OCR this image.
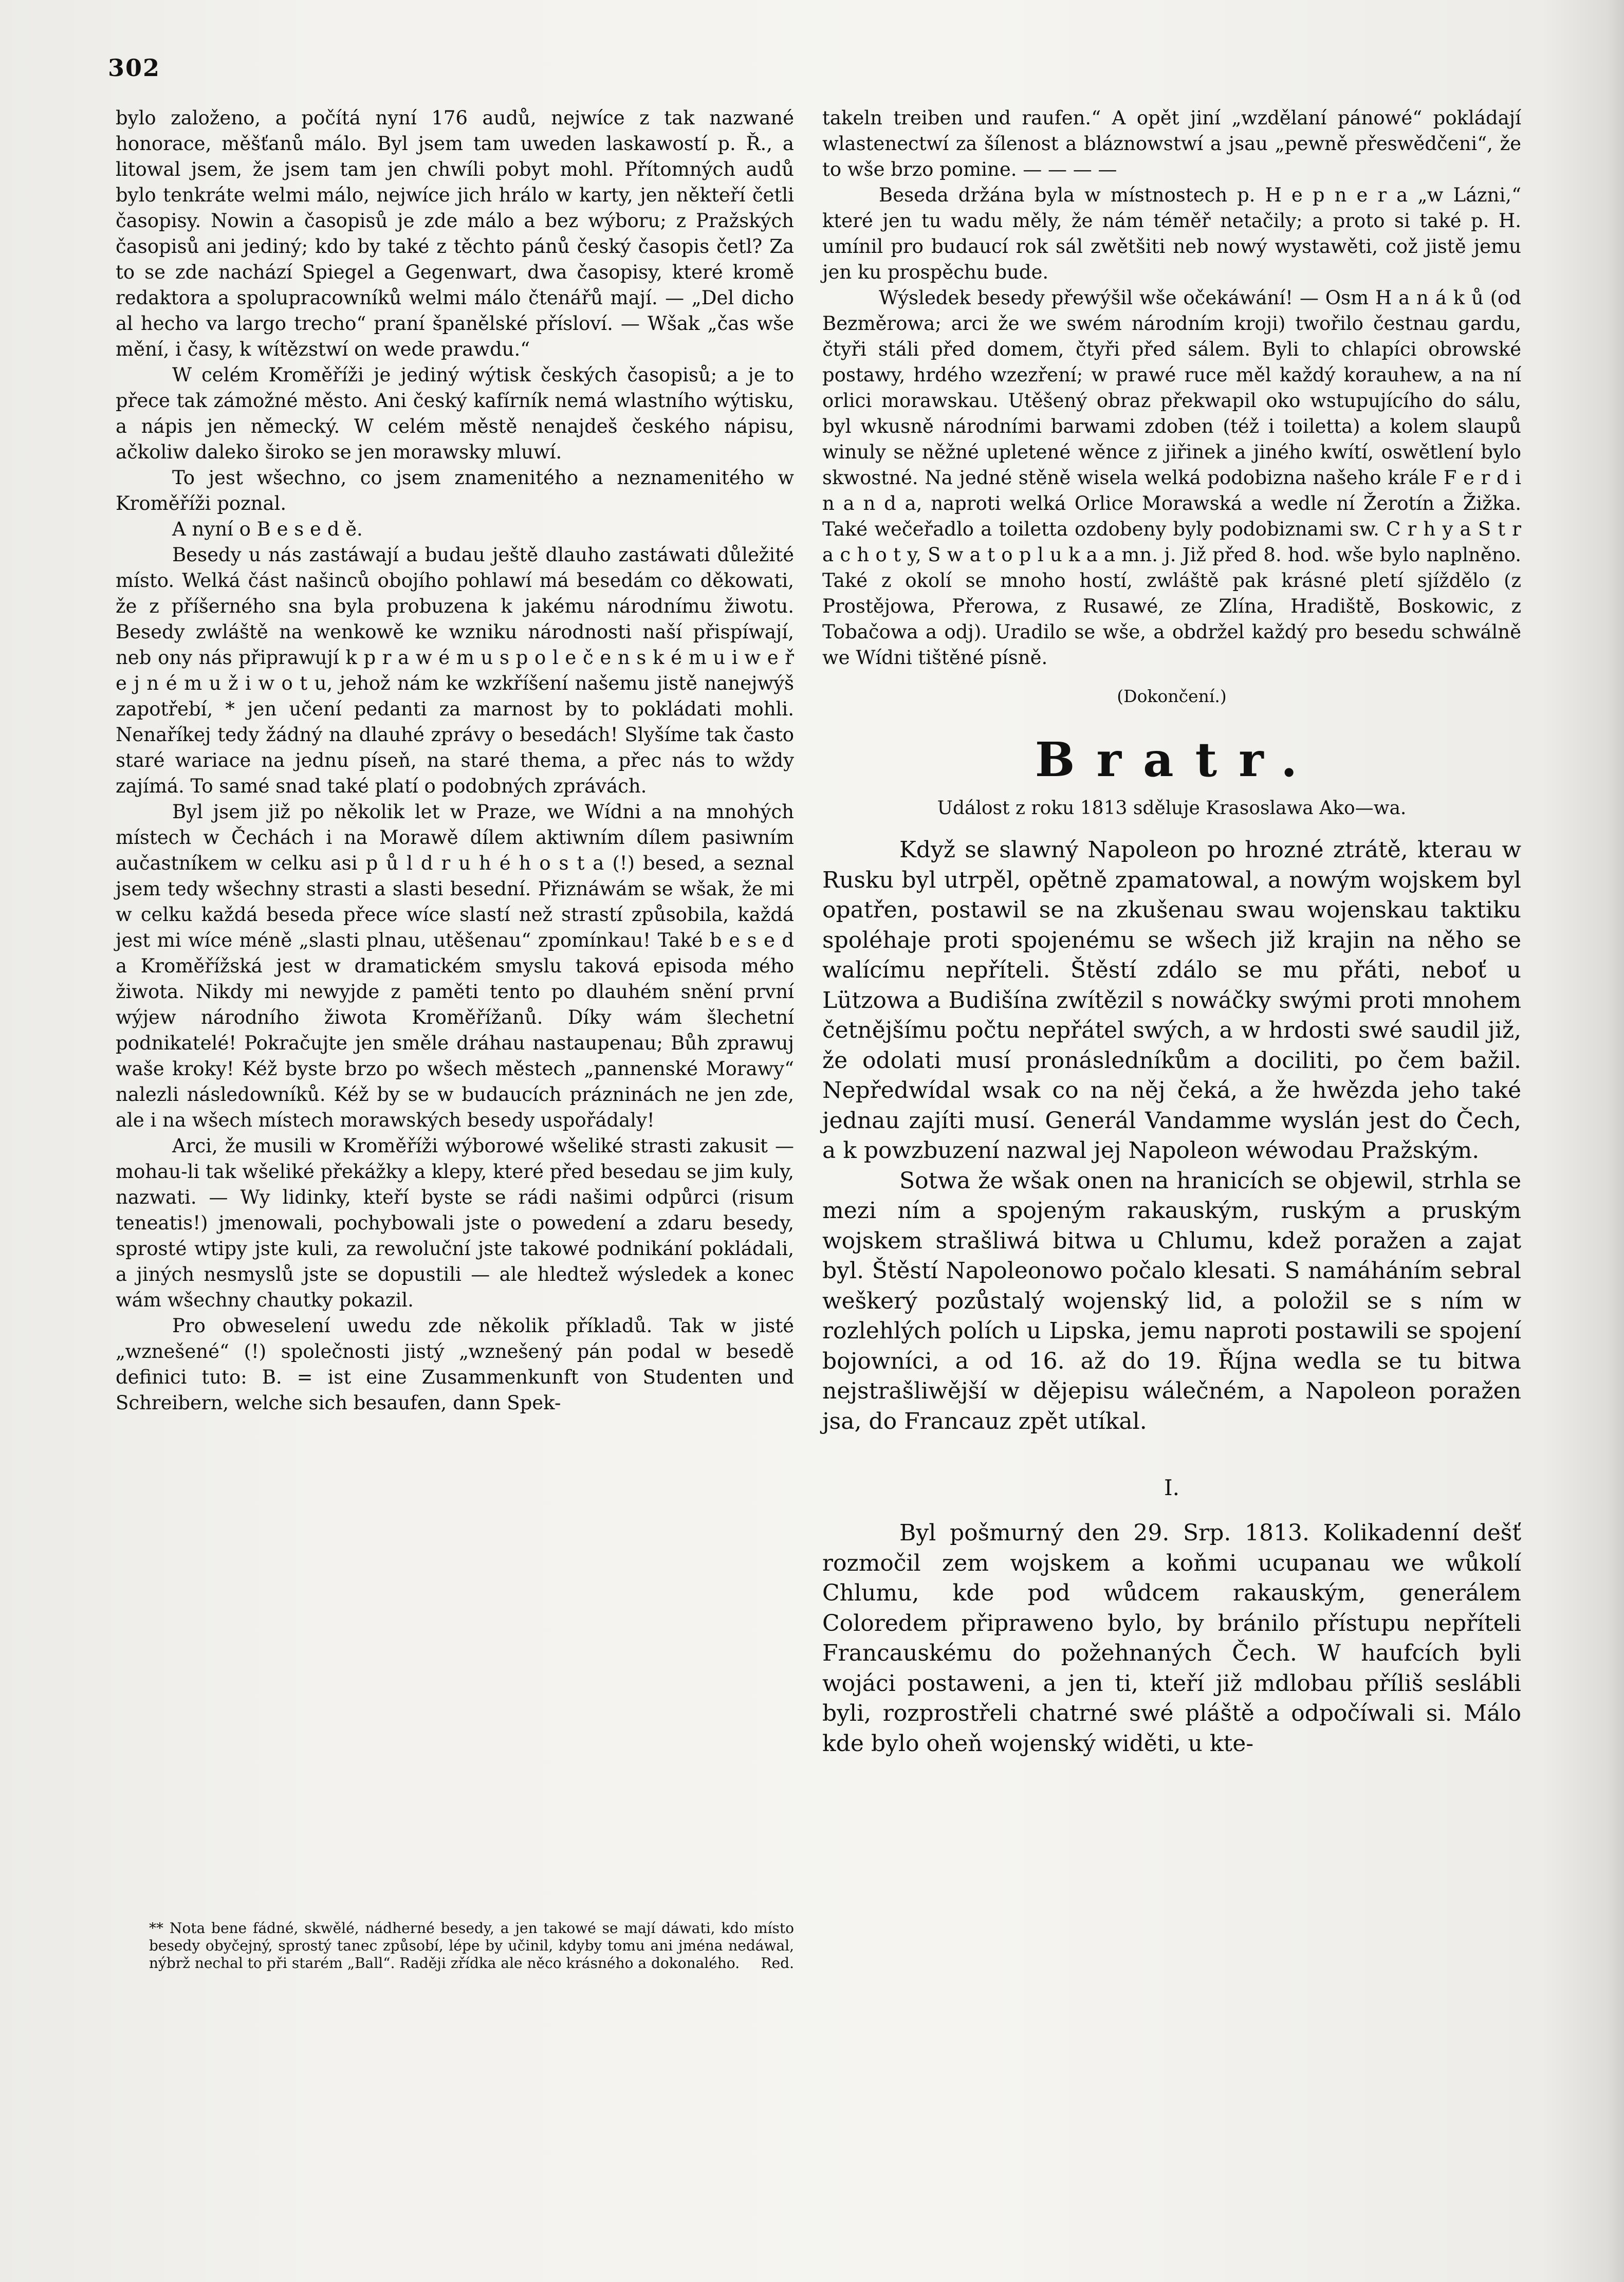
302

bylo založeno, a počítá nyní 176 audů, nejwíce z tak nazwané honorace, měšťanů málo. Byl jsem tam uweden laskawostí p. Ř., a litowal jsem, že jsem tam jen chwíli pobyt mohl. Přítomných audů bylo tenkráte welmi málo, nejwíce jich hrálo w karty, jen někteří četli časopisy. Nowin a časopisů je zde málo a bez wýboru; z Pražských časopisů ani jediný; kdo by také z těchto pánů český časopis četl? Za to se zde nachází Spiegel a Gegenwart, dwa časopisy, které kromě redaktora a spolupracowníků welmi málo čtenářů mají. — „Del dicho al hecho va largo trecho“ praní španělské přísloví. — Wšak „čas wše mění, i časy, k wítězstwí on wede prawdu.“

W celém Kroměříži je jediný wýtisk českých časopisů; a je to přece tak zámožné město. Ani český kafírník nemá wlastního wýtisku, a nápis jen německý. W celém městě nenajdeš českého nápisu, ačkoliw daleko široko se jen morawsky mluwí.

To jest wšechno, co jsem znamenitého a neznamenitého w Kroměříži poznal.

A nyní o B e s e d ě.

Besedy u nás zastáwají a budau ještě dlauho zastáwati důležité místo. Welká část našinců obojího pohlawí má besedám co děkowati, že z příšerného sna byla probuzena k jakému národnímu žiwotu. Besedy zwláště na wenkowě ke wzniku národnosti naší přispíwají, neb ony nás připrawují k p r a w é m u s p o l e č e n s k é m u i w e ř e j n é m u ž i w o t u, jehož nám ke wzkříšení našemu jistě nanejwýš zapotřebí, * jen učení pedanti za marnost by to pokládati mohli. Nenaříkej tedy žádný na dlauhé zprávy o besedách! Slyšíme tak často staré wariace na jednu píseň, na staré thema, a přec nás to wždy zajímá. To samé snad také platí o podobných zprávách.

Byl jsem již po několik let w Praze, we Wídni a na mnohých místech w Čechách i na Morawě dílem aktiwním dílem pasiwním aučastníkem w celku asi p ů l d r u h é h o s t a (!) besed, a seznal jsem tedy wšechny strasti a slasti besední. Přiznáwám se wšak, že mi w celku každá beseda přece wíce slastí než strastí způsobila, každá jest mi wíce méně „slasti plnau, utěšenau“ zpomínkau! Také b e s e d a Kroměřížská jest w dramatickém smyslu taková episoda mého žiwota. Nikdy mi newyjde z paměti tento po dlauhém snění první wýjew národního žiwota Kroměřížanů. Díky wám šlechetní podnikatelé! Pokračujte jen směle dráhau nastaupenau; Bůh zprawuj waše kroky! Kéž byste brzo po wšech městech „pannenské Morawy“ nalezli následowníků. Kéž by se w budaucích prázninách ne jen zde, ale i na wšech místech morawských besedy uspořádaly!

Arci, že musili w Kroměříži wýborowé wšeliké strasti zakusit — mohau-li tak wšeliké překážky a klepy, které před besedau se jim kuly, nazwati. — Wy lidinky, kteří byste se rádi našimi odpůrci (risum teneatis!) jmenowali, pochybowali jste o powedení a zdaru besedy, sprosté wtipy jste kuli, za rewoluční jste takowé podnikání pokládali, a jiných nesmyslů jste se dopustili — ale hledtež wýsledek a konec wám wšechny chautky pokazil.

Pro obweselení uwedu zde několik příkladů. Tak w jisté „wznešené“ (!) společnosti jistý „wznešený pán podal w besedě definici tuto: B. = ist eine Zusammenkunft von Studenten und Schreibern, welche sich besaufen, dann Spek-

** Nota bene fádné, skwělé, nádherné besedy, a jen takowé se mají dáwati, kdo místo besedy obyčejný, sprostý tanec způsobí, lépe by učinil, kdyby tomu ani jména nedáwal, nýbrž nechal to při starém „Ball“. Raději zřídka ale něco krásného a dokonalého.	Red.

takeln treiben und raufen.“ A opět jiní „wzdělaní pánowé“ pokládají wlastenectwí za šílenost a bláznowstwí a jsau „pewně přeswědčeni“, že to wše brzo pomine. — — — —

Beseda držána byla w místnostech p. H e p n e r a „w Lázni,“ které jen tu wadu měly, že nám téměř netačily; a proto si také p. H. umínil pro budaucí rok sál zwětšiti neb nowý wystawěti, což jistě jemu jen ku prospěchu bude.

Wýsledek besedy přewýšil wše očekáwání! — Osm H a n á k ů (od Bezměrowa; arci že we swém národním kroji) twořilo čestnau gardu, čtyři stáli před domem, čtyři před sálem. Byli to chlapíci obrowské postawy, hrdého wzezření; w prawé ruce měl každý korauhew, a na ní orlici morawskau. Utěšený obraz překwapil oko wstupujícího do sálu, byl wkusně národními barwami zdoben (též i toiletta) a kolem slaupů winuly se něžné upletené wěnce z jiřinek a jiného kwítí, oswětlení bylo skwostné. Na jedné stěně wisela welká podobizna našeho krále F e r d i n a n d a, naproti welká Orlice Morawská a wedle ní Žerotín a Žižka. Také wečeřadlo a toiletta ozdobeny byly podobiznami sw. C r h y a S t r a c h o t y, S w a t o p l u k a a mn. j. Již před 8. hod. wše bylo naplněno. Také z okolí se mnoho hostí, zwláště pak krásné pletí sjíždělo (z Prostějowa, Přerowa, z Rusawé, ze Zlína, Hradiště, Boskowic, z Tobačowa a odj). Uradilo se wše, a obdržel každý pro besedu schwálně we Wídni tištěné písně.

(Dokončení.)
Bratr.
Událost z roku 1813 sděluje Krasoslawa Ako—wa.

Když se slawný Napoleon po hrozné ztrátě, kterau w Rusku byl utrpěl, opětně zpamatowal, a nowým wojskem byl opatřen, postawil se na zkušenau swau wojenskau taktiku spoléhaje proti spojenému se wšech již krajin na něho se walícímu nepříteli. Štěstí zdálo se mu přáti, neboť u Lützowa a Budišína zwítězil s nowáčky swými proti mnohem četnějšímu počtu nepřátel swých, a w hrdosti swé saudil již, že odolati musí pronásledníkům a dociliti, po čem bažil. Nepředwídal wsak co na něj čeká, a že hwězda jeho také jednau zajíti musí. Generál Vandamme wyslán jest do Čech, a k powzbuzení nazwal jej Napoleon wéwodau Pražským.

Sotwa že wšak onen na hranicích se objewil, strhla se mezi ním a spojeným rakauským, ruským a pruským wojskem strašliwá bitwa u Chlumu, kdež poražen a zajat byl. Štěstí Napoleonowo počalo klesati. S namáháním sebral weškerý pozůstalý wojenský lid, a položil se s ním w rozlehlých polích u Lipska, jemu naproti postawili se spojení bojowníci, a od 16. až do 19. Října wedla se tu bitwa nejstrašliwější w dějepisu wálečném, a Napoleon poražen jsa, do Francauz zpět utíkal.

I.

Byl pošmurný den 29. Srp. 1813. Kolikadenní dešť rozmočil zem wojskem a koňmi ucupanau we wůkolí Chlumu, kde pod wůdcem rakauským, generálem Coloredem připraweno bylo, by bránilo přístupu nepříteli Francauskému do požehnaných Čech. W haufcích byli wojáci postaweni, a jen ti, kteří již mdlobau příliš seslábli byli, rozprostřeli chatrné swé pláště a odpočíwali si. Málo kde bylo oheň wojenský widěti, u kte-
